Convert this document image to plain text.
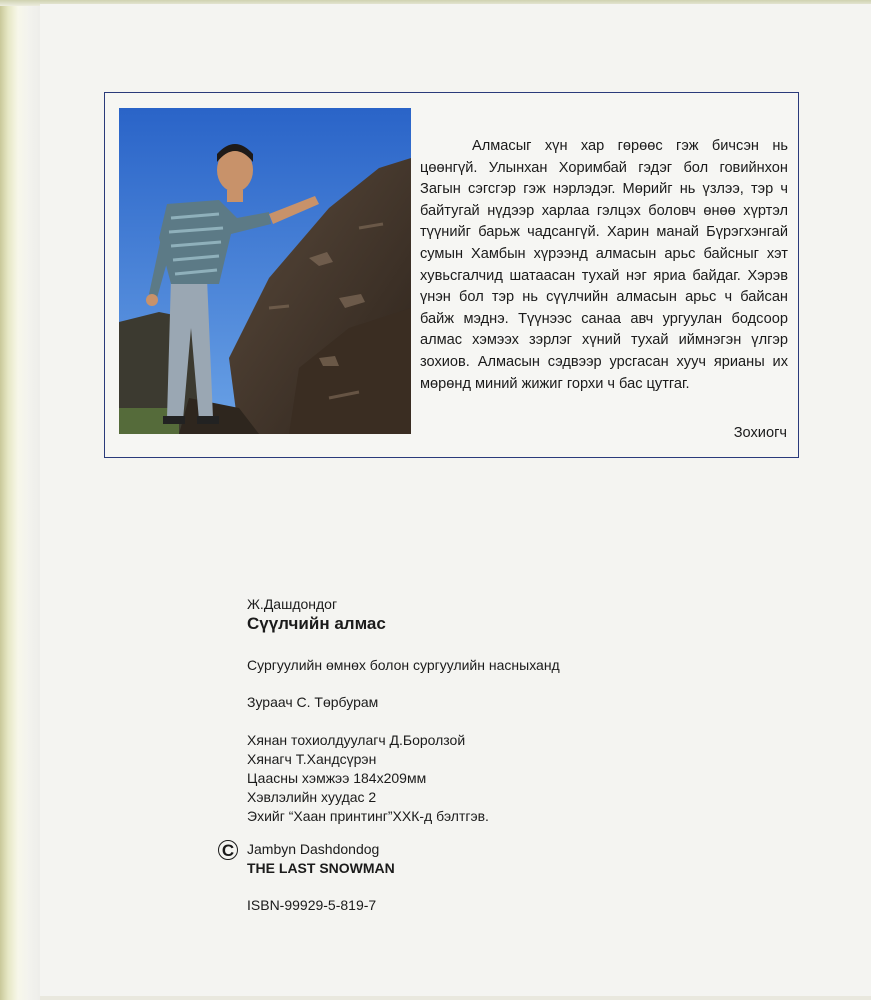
Алмасыг хүн хар гөрөөс гэж бичсэн нь цөөнгүй. Улынхан Хоримбай гэдэг бол говийнхон Загын сэгсгэр гэж нэрлэдэг. Мөрийг нь үзлээ, тэр ч байтугай нүдээр харлаа гэлцэх боловч өнөө хүртэл түүнийг барьж чадсангүй. Харин манай Бүрэгхэнгай сумын Хамбын хүрээнд алмасын арьс байсныг хэт хувьсгалчид шатаасан тухай нэг яриа байдаг. Хэрэв үнэн бол тэр нь сүүлчийн алмасын арьс ч байсан байж мэднэ. Түүнээс санаа авч ургуулан бодсоор алмас хэмээх зэрлэг хүний тухай иймнэгэн үлгэр зохиов. Алмасын сэдвээр урсгасан хууч ярианы их мөрөнд миний жижиг горхи ч бас цутгаг.

Зохиогч
Ж.Дашдондог
Сүүлчийн алмас
Сургуулийн өмнөх болон сургуулийн насныханд
Зураач С. Төрбурам
Хянан тохиолдуулагч Д.Боролзой
Хянагч Т.Хандсүрэн
Цаасны хэмжээ 184х209мм
Хэвлэлийн хуудас 2
Эхийг “Хаан принтинг”ХХК-д бэлтгэв.
Jambyn Dashdondog
THE LAST SNOWMAN
ISBN-99929-5-819-7
C
